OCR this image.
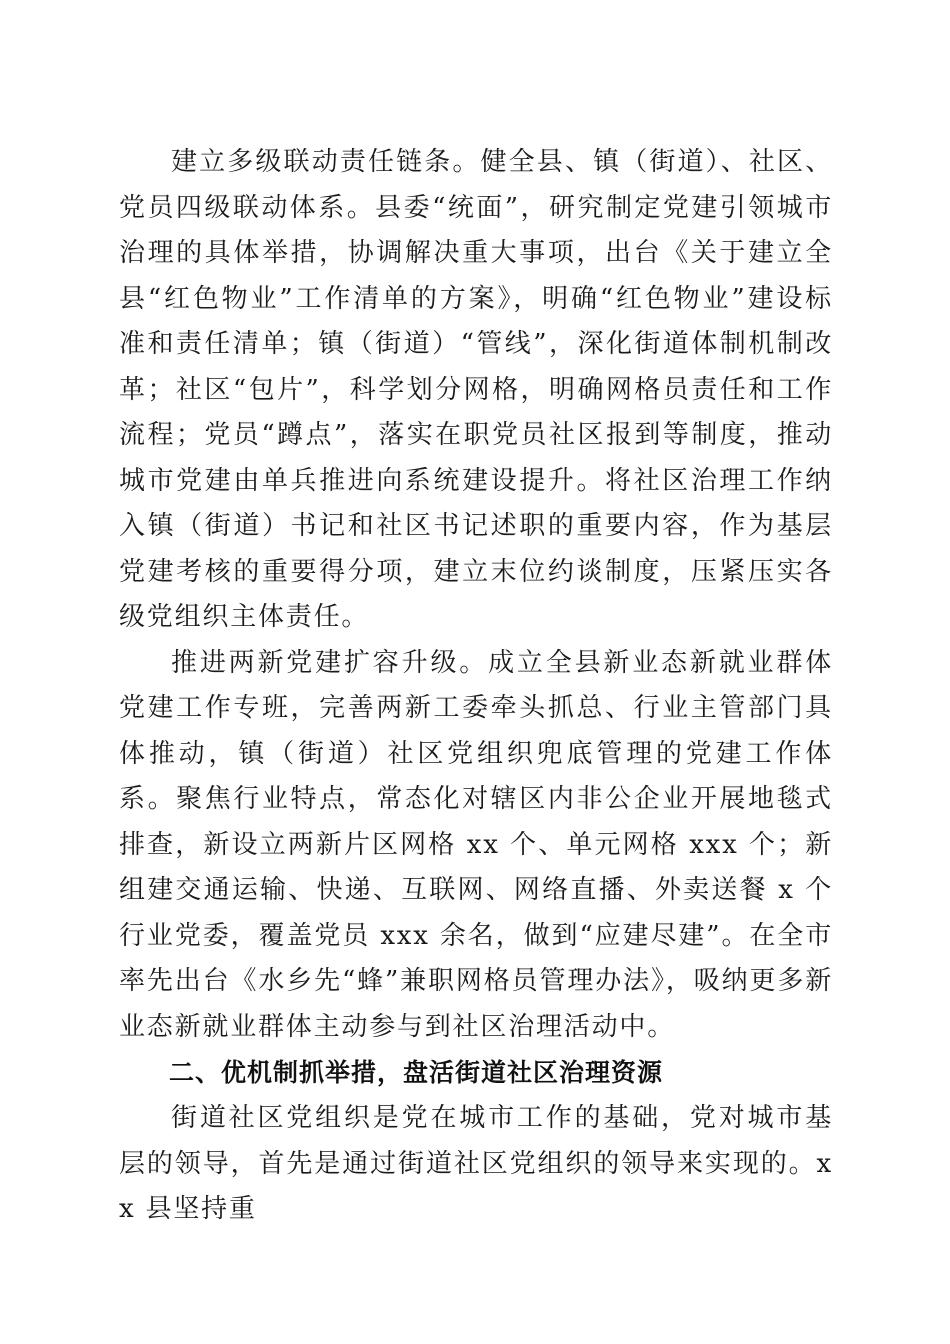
建立多级联动责任链条。健全县、镇（街道）、社区、党员四级联动体系。县委“统面”，研究制定党建引领城市治理的具体举措，协调解决重大事项，出台《关于建立全县“红色物业”工作清单的方案》，明确“红色物业”建设标准和责任清单；镇（街道）“管线”，深化街道体制机制改革；社区“包片”，科学划分网格，明确网格员责任和工作流程；党员“蹲点”，落实在职党员社区报到等制度，推动城市党建由单兵推进向系统建设提升。将社区治理工作纳入镇（街道）书记和社区书记述职的重要内容，作为基层党建考核的重要得分项，建立末位约谈制度，压紧压实各级党组织主体责任。

推进两新党建扩容升级。成立全县新业态新就业群体党建工作专班，完善两新工委牵头抓总、行业主管部门具体推动，镇（街道）社区党组织兜底管理的党建工作体系。聚焦行业特点，常态化对辖区内非公企业开展地毯式排查，新设立两新片区网格 xx 个、单元网格 xxx 个；新组建交通运输、快递、互联网、网络直播、外卖送餐 x 个行业党委，覆盖党员 xxx 余名，做到“应建尽建”。在全市率先出台《水乡先“蜂”兼职网格员管理办法》，吸纳更多新业态新就业群体主动参与到社区治理活动中。

二、优机制抓举措，盘活街道社区治理资源

街道社区党组织是党在城市工作的基础，党对城市基层的领导，首先是通过街道社区党组织的领导来实现的。xx 县坚持重
